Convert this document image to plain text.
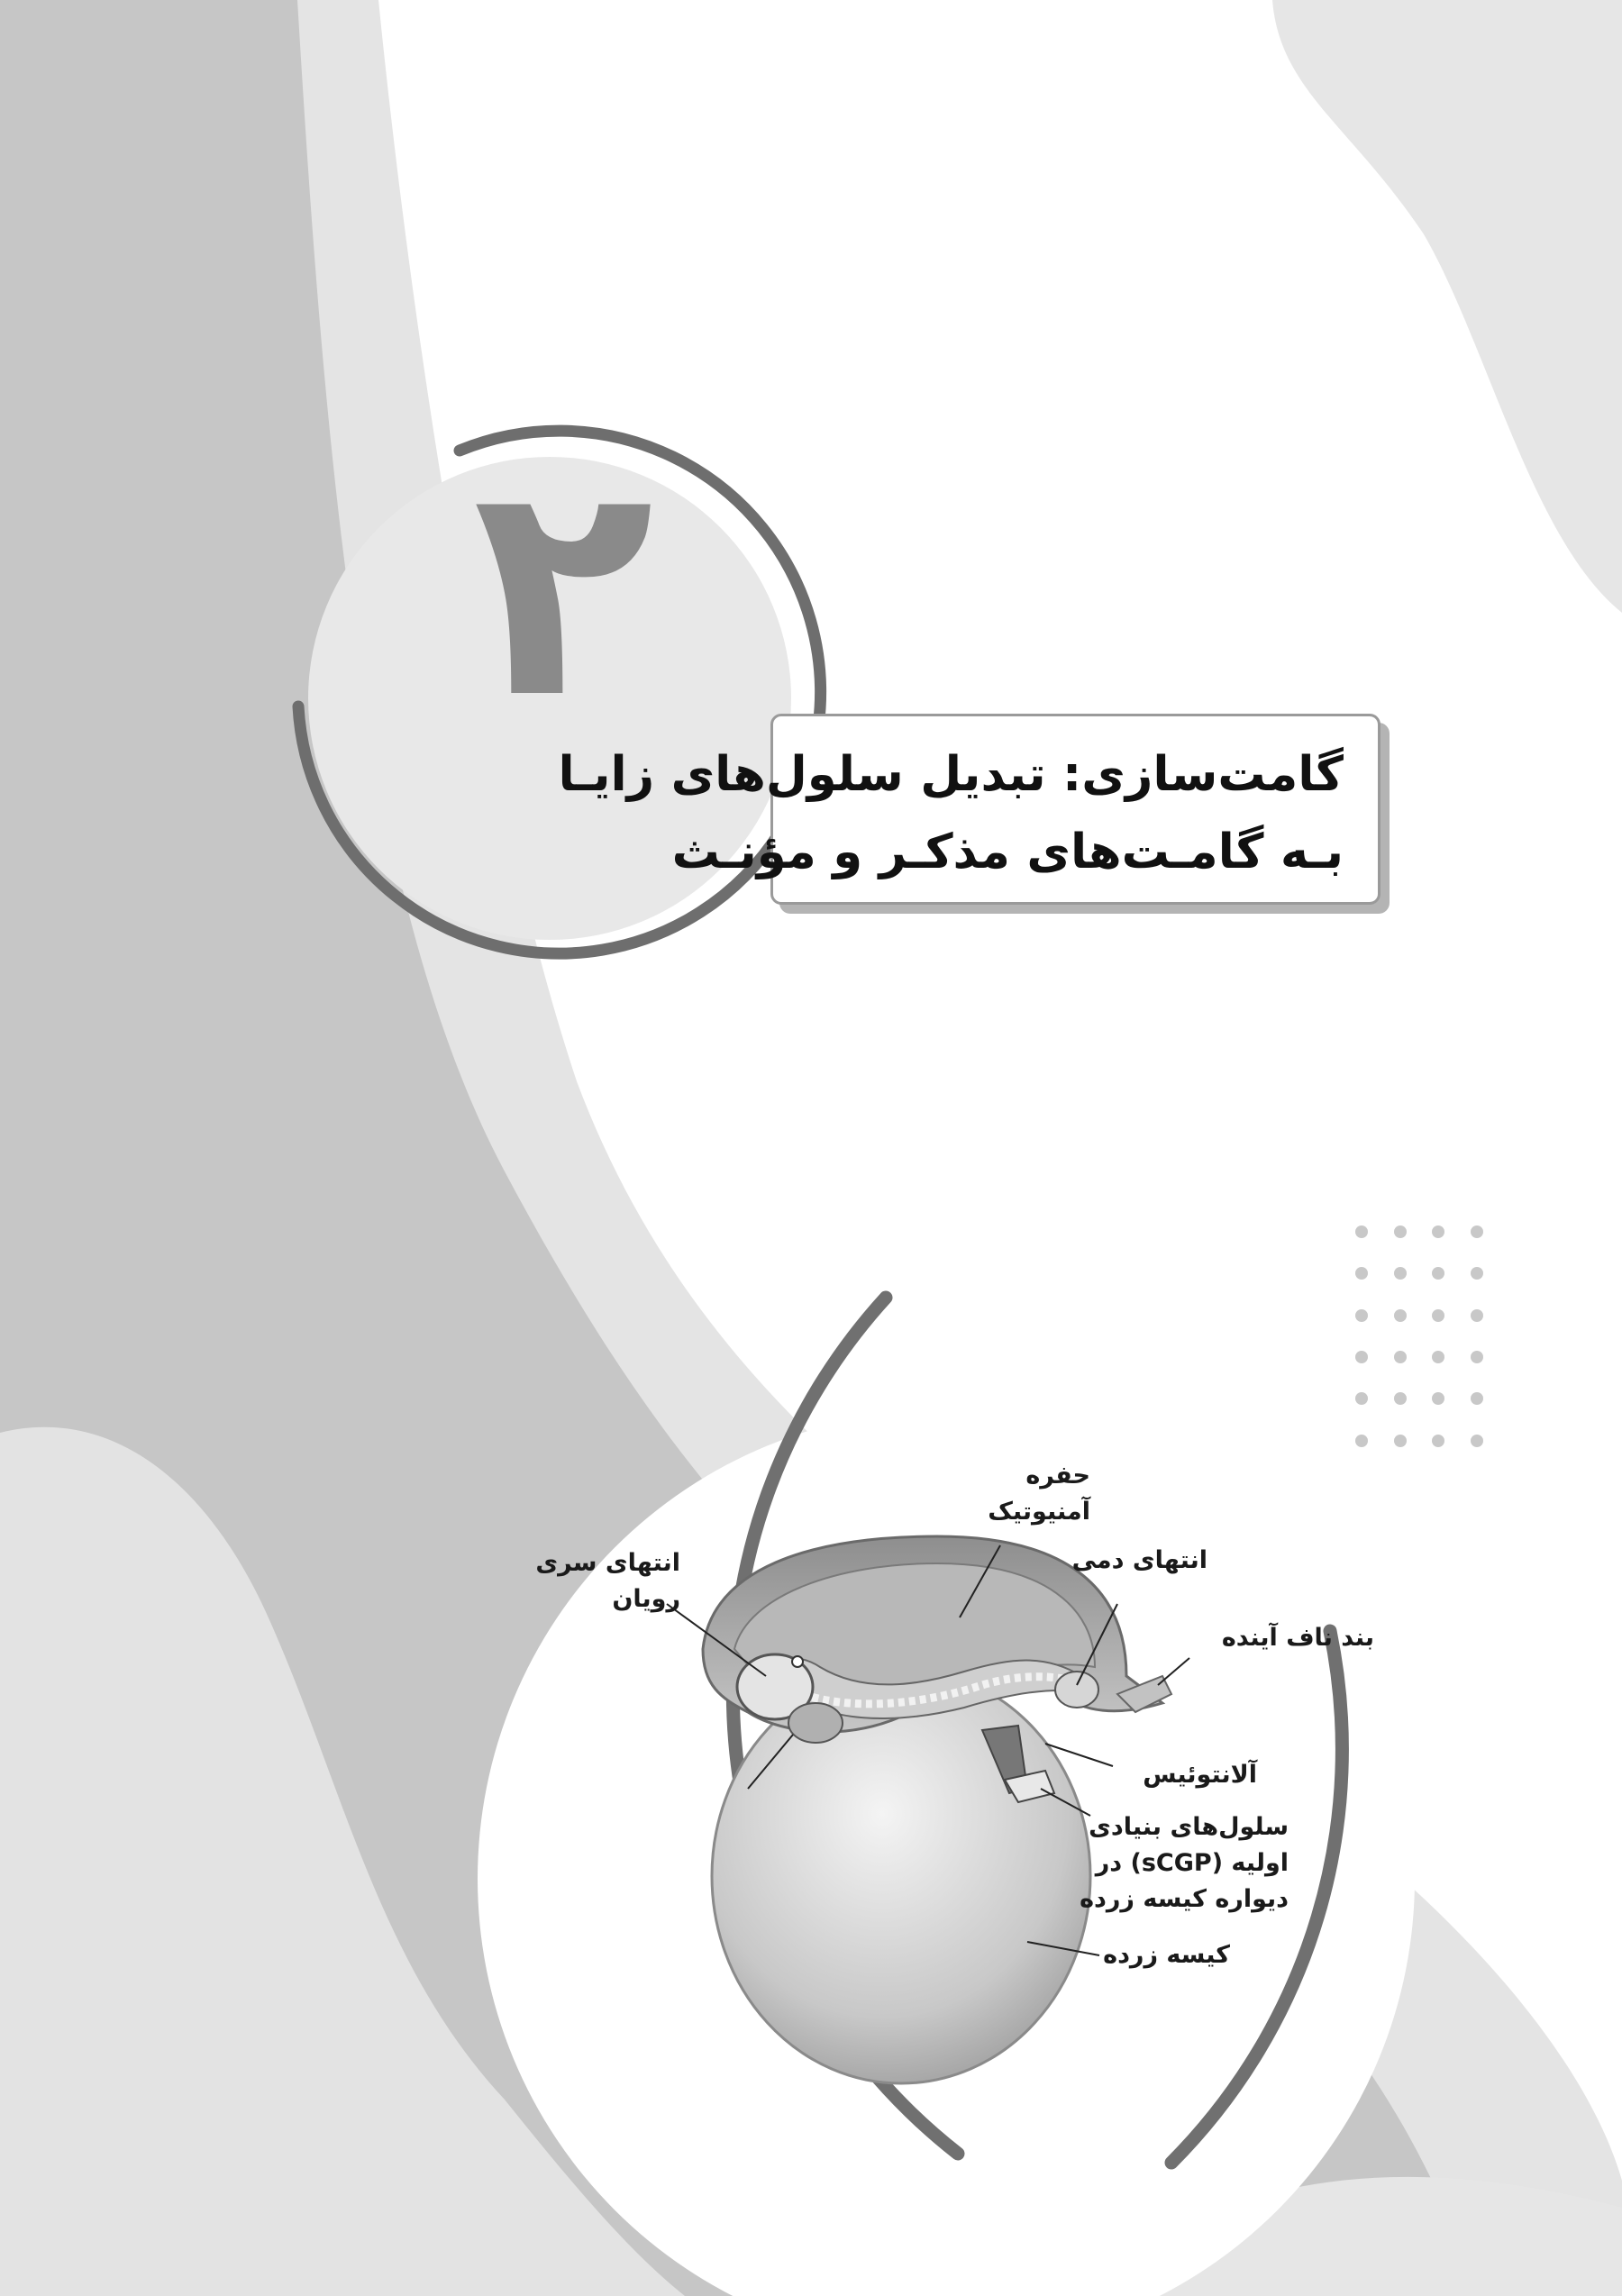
۲
گامت‌سازی: تبدیل سلول‌های زایـا
بـه گامـت‌های مذکـر و مؤنـث
حفره
آمنیوتیک
انتهای سری
رویان
انتهای دمی
بند ناف آینده
آلانتوئیس
سلول‌های بنیادی
اولیه (sCGP) در
دیواره کیسه زرده
کیسه زرده
